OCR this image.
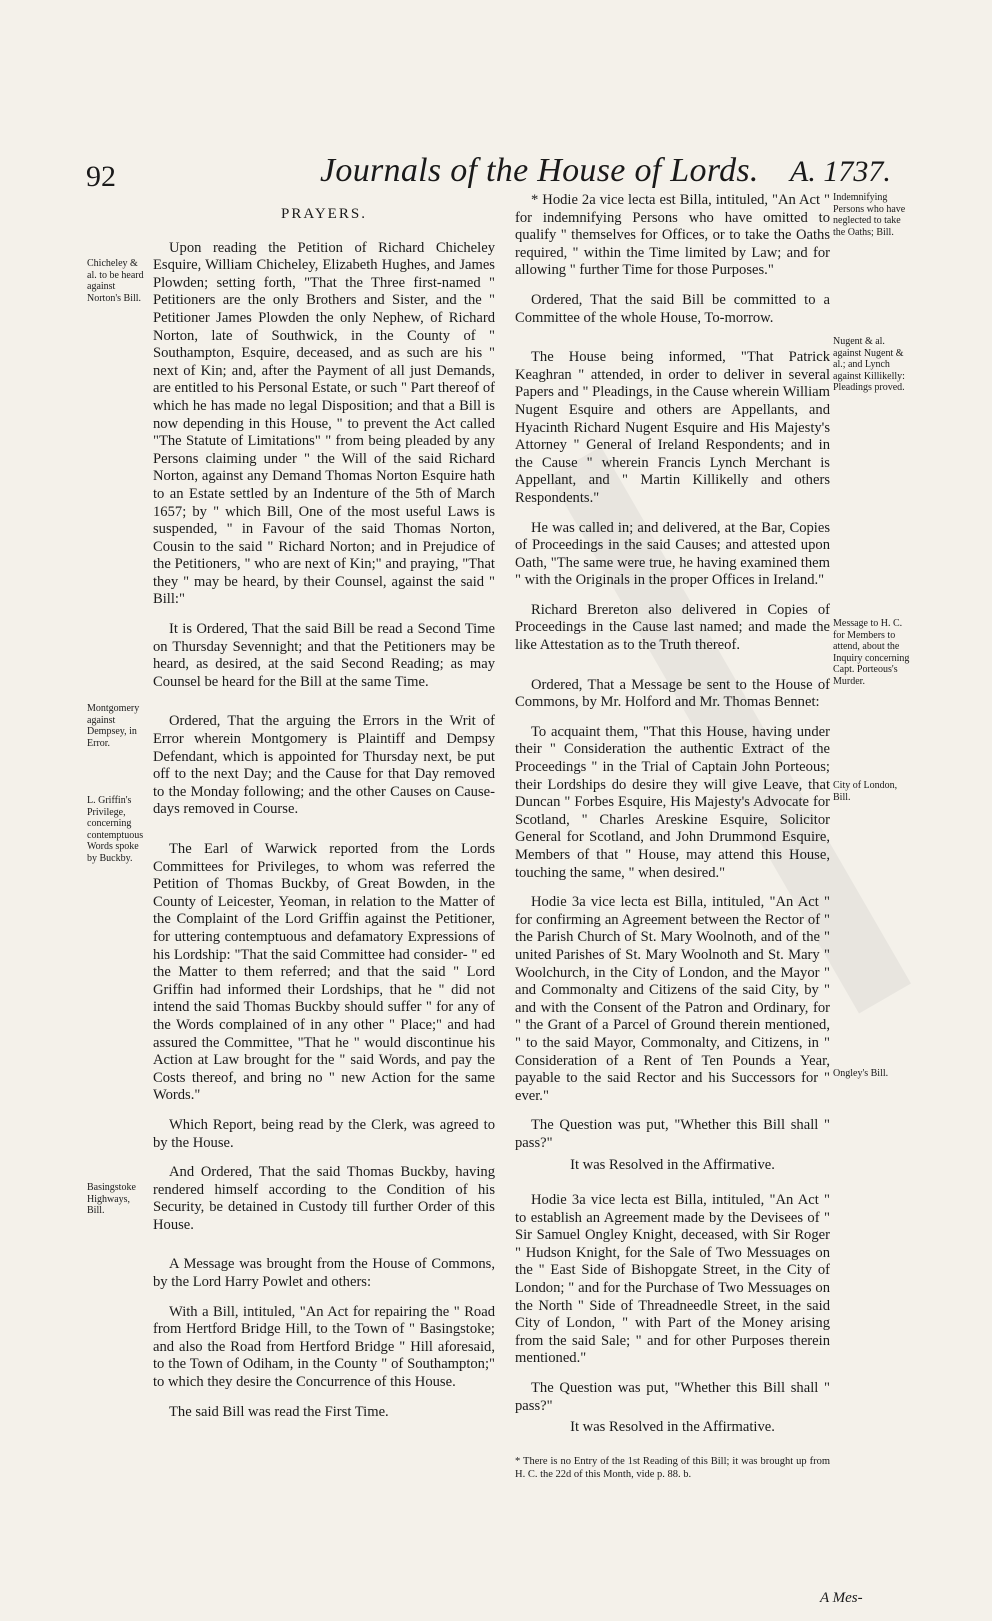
92	Journals of the House of Lords. A. 1737.
Chicheley & al. to be heard against Norton's Bill.
Montgomery against Dempsey, in Error.
L. Griffin's Privilege, concerning contemptuous Words spoke by Buckby.
Basingstoke Highways, Bill.
Indemnifying Persons who have neglected to take the Oaths; Bill.
Nugent & al. against Nugent & al.; and Lynch against Killikelly: Pleadings proved.
Message to H. C. for Members to attend, about the Inquiry concerning Capt. Porteous's Murder.
City of London, Bill.
Ongley's Bill.

PRAYERS.

Upon reading the Petition of Richard Chicheley Esquire, William Chicheley, Elizabeth Hughes, and James Plowden; setting forth, "That the Three first-named " Petitioners are the only Brothers and Sister, and the " Petitioner James Plowden the only Nephew, of Richard Norton, late of Southwick, in the County of " Southampton, Esquire, deceased, and as such are his " next of Kin; and, after the Payment of all just Demands, are entitled to his Personal Estate, or such " Part thereof of which he has made no legal Disposition; and that a Bill is now depending in this House, " to prevent the Act called "The Statute of Limitations" " from being pleaded by any Persons claiming under " the Will of the said Richard Norton, against any Demand Thomas Norton Esquire hath to an Estate settled by an Indenture of the 5th of March 1657; by " which Bill, One of the most useful Laws is suspended, " in Favour of the said Thomas Norton, Cousin to the said " Richard Norton; and in Prejudice of the Petitioners, " who are next of Kin;" and praying, "That they " may be heard, by their Counsel, against the said " Bill:"

It is Ordered, That the said Bill be read a Second Time on Thursday Sevennight; and that the Petitioners may be heard, as desired, at the said Second Reading; as may Counsel be heard for the Bill at the same Time.

Ordered, That the arguing the Errors in the Writ of Error wherein Montgomery is Plaintiff and Dempsy Defendant, which is appointed for Thursday next, be put off to the next Day; and the Cause for that Day removed to the Monday following; and the other Causes on Cause-days removed in Course.

The Earl of Warwick reported from the Lords Committees for Privileges, to whom was referred the Petition of Thomas Buckby, of Great Bowden, in the County of Leicester, Yeoman, in relation to the Matter of the Complaint of the Lord Griffin against the Petitioner, for uttering contemptuous and defamatory Expressions of his Lordship: "That the said Committee had consider- " ed the Matter to them referred; and that the said " Lord Griffin had informed their Lordships, that he " did not intend the said Thomas Buckby should suffer " for any of the Words complained of in any other " Place;" and had assured the Committee, "That he " would discontinue his Action at Law brought for the " said Words, and pay the Costs thereof, and bring no " new Action for the same Words."

Which Report, being read by the Clerk, was agreed to by the House.

And Ordered, That the said Thomas Buckby, having rendered himself according to the Condition of his Security, be detained in Custody till further Order of this House.

A Message was brought from the House of Commons, by the Lord Harry Powlet and others:

With a Bill, intituled, "An Act for repairing the " Road from Hertford Bridge Hill, to the Town of " Basingstoke; and also the Road from Hertford Bridge " Hill aforesaid, to the Town of Odiham, in the County " of Southampton;" to which they desire the Concurrence of this House.

The said Bill was read the First Time.

* Hodie 2a vice lecta est Billa, intituled, "An Act " for indemnifying Persons who have omitted to qualify " themselves for Offices, or to take the Oaths required, " within the Time limited by Law; and for allowing " further Time for those Purposes."

Ordered, That the said Bill be committed to a Committee of the whole House, To-morrow.

The House being informed, "That Patrick Keaghran " attended, in order to deliver in several Papers and " Pleadings, in the Cause wherein William Nugent Esquire and others are Appellants, and Hyacinth Richard Nugent Esquire and His Majesty's Attorney " General of Ireland Respondents; and in the Cause " wherein Francis Lynch Merchant is Appellant, and " Martin Killikelly and others Respondents."

He was called in; and delivered, at the Bar, Copies of Proceedings in the said Causes; and attested upon Oath, "The same were true, he having examined them " with the Originals in the proper Offices in Ireland."

Richard Brereton also delivered in Copies of Proceedings in the Cause last named; and made the like Attestation as to the Truth thereof.

Ordered, That a Message be sent to the House of Commons, by Mr. Holford and Mr. Thomas Bennet:

To acquaint them, "That this House, having under their " Consideration the authentic Extract of the Proceedings " in the Trial of Captain John Porteous; their Lordships do desire they will give Leave, that Duncan " Forbes Esquire, His Majesty's Advocate for Scotland, " Charles Areskine Esquire, Solicitor General for Scotland, and John Drummond Esquire, Members of that " House, may attend this House, touching the same, " when desired."

Hodie 3a vice lecta est Billa, intituled, "An Act " for confirming an Agreement between the Rector of " the Parish Church of St. Mary Woolnoth, and of the " united Parishes of St. Mary Woolnoth and St. Mary " Woolchurch, in the City of London, and the Mayor " and Commonalty and Citizens of the said City, by " and with the Consent of the Patron and Ordinary, for " the Grant of a Parcel of Ground therein mentioned, " to the said Mayor, Commonalty, and Citizens, in " Consideration of a Rent of Ten Pounds a Year, payable to the said Rector and his Successors for " ever."

The Question was put, "Whether this Bill shall " pass?"

It was Resolved in the Affirmative.

Hodie 3a vice lecta est Billa, intituled, "An Act " to establish an Agreement made by the Devisees of " Sir Samuel Ongley Knight, deceased, with Sir Roger " Hudson Knight, for the Sale of Two Messuages on the " East Side of Bishopgate Street, in the City of London; " and for the Purchase of Two Messuages on the North " Side of Threadneedle Street, in the said City of London, " with Part of the Money arising from the said Sale; " and for other Purposes therein mentioned."

The Question was put, "Whether this Bill shall " pass?"

It was Resolved in the Affirmative.

* There is no Entry of the 1st Reading of this Bill; it was brought up from H. C. the 22d of this Month, vide p. 88. b.

A Mes-
